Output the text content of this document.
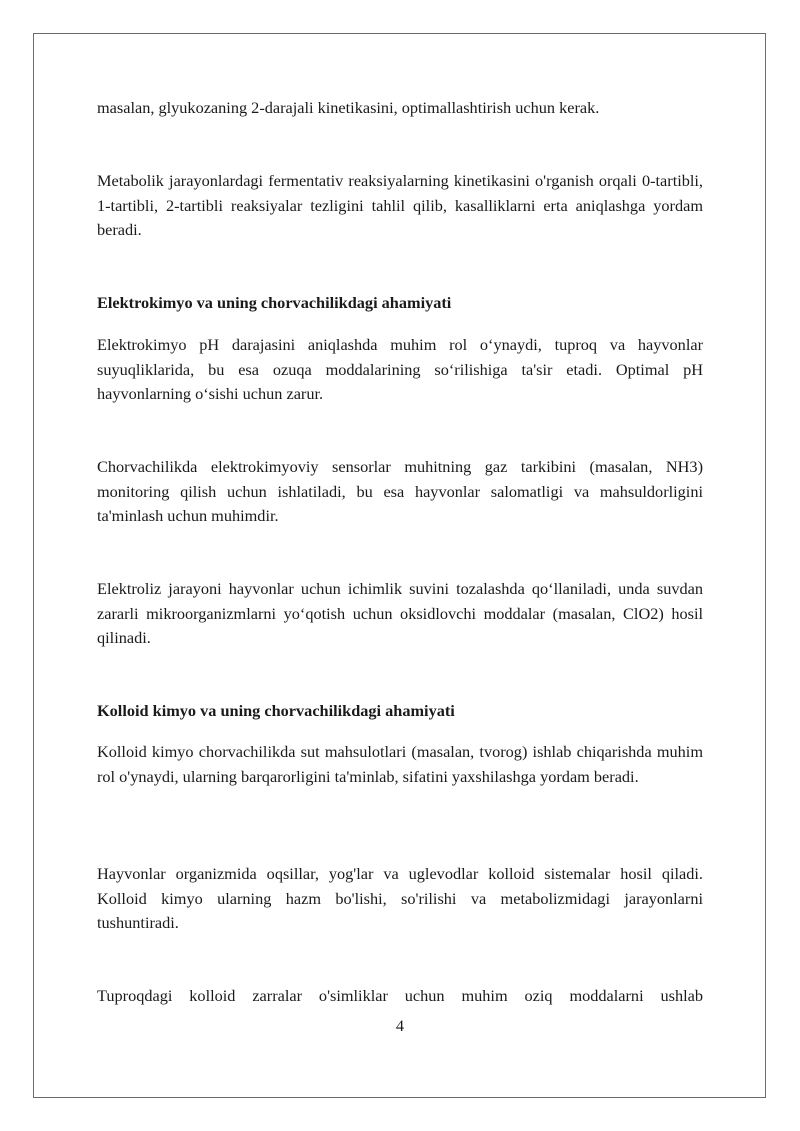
masalan, glyukozaning 2-darajali kinetikasini, optimallashtirish uchun kerak.

Metabolik jarayonlardagi fermentativ reaksiyalarning kinetikasini o'rganish orqali 0-tartibli, 1-tartibli, 2-tartibli reaksiyalar tezligini tahlil qilib, kasalliklarni erta aniqlashga yordam beradi.

Elektrokimyo va uning chorvachilikdagi ahamiyati

Elektrokimyo pH darajasini aniqlashda muhim rol oʻynaydi, tuproq va hayvonlar suyuqliklarida, bu esa ozuqa moddalarining soʻrilishiga ta'sir etadi. Optimal pH hayvonlarning oʻsishi uchun zarur.

Chorvachilikda elektrokimyoviy sensorlar muhitning gaz tarkibini (masalan, NH3) monitoring qilish uchun ishlatiladi, bu esa hayvonlar salomatligi va mahsuldorligini ta'minlash uchun muhimdir.

Elektroliz jarayoni hayvonlar uchun ichimlik suvini tozalashda qoʻllaniladi, unda suvdan zararli mikroorganizmlarni yoʻqotish uchun oksidlovchi moddalar (masalan, ClO2) hosil qilinadi.

Kolloid kimyo va uning chorvachilikdagi ahamiyati

Kolloid kimyo chorvachilikda sut mahsulotlari (masalan, tvorog) ishlab chiqarishda muhim rol o'ynaydi, ularning barqarorligini ta'minlab, sifatini yaxshilashga yordam beradi.

Hayvonlar organizmida oqsillar, yog'lar va uglevodlar kolloid sistemalar hosil qiladi. Kolloid kimyo ularning hazm bo'lishi, so'rilishi va metabolizmidagi jarayonlarni tushuntiradi.

Tuproqdagi kolloid zarralar o'simliklar uchun muhim oziq moddalarni ushlab

4
